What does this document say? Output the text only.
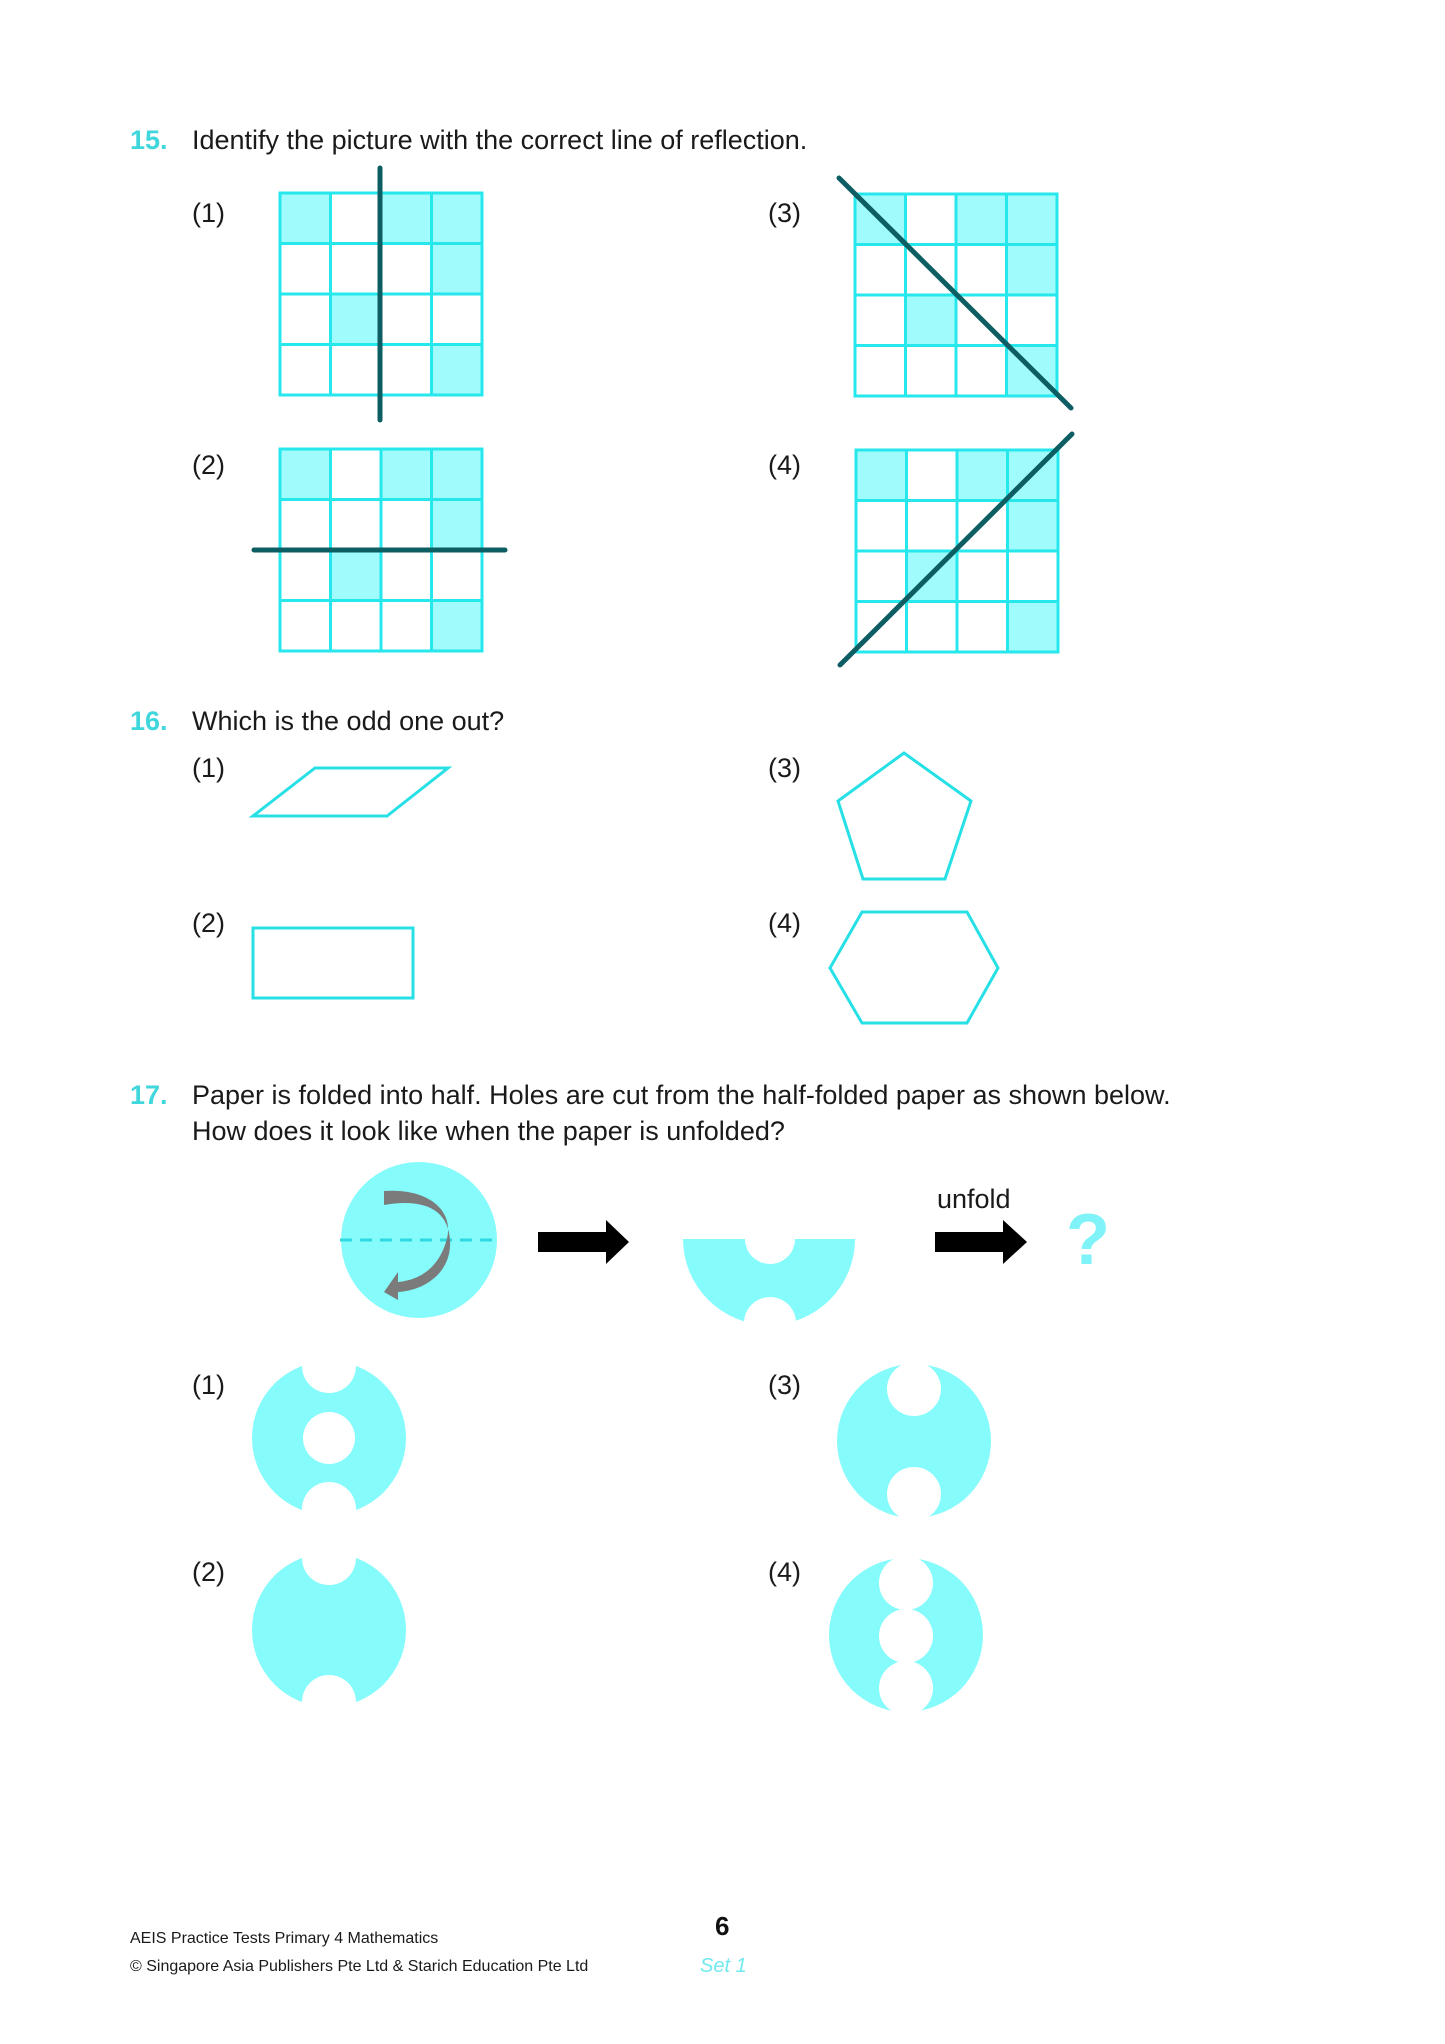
15. Identify the picture with the correct line of reflection.
(1)
(2)
(3)
(4)
16. Which is the odd one out?
(1)
(2)
(3)
(4)
17. Paper is folded into half. Holes are cut from the half-folded paper as shown below.
How does it look like when the paper is unfolded?
unfold
?
(1)
(2)
(3)
(4)
AEIS Practice Tests Primary 4 Mathematics
© Singapore Asia Publishers Pte Ltd & Starich Education Pte Ltd
6
Set 1
